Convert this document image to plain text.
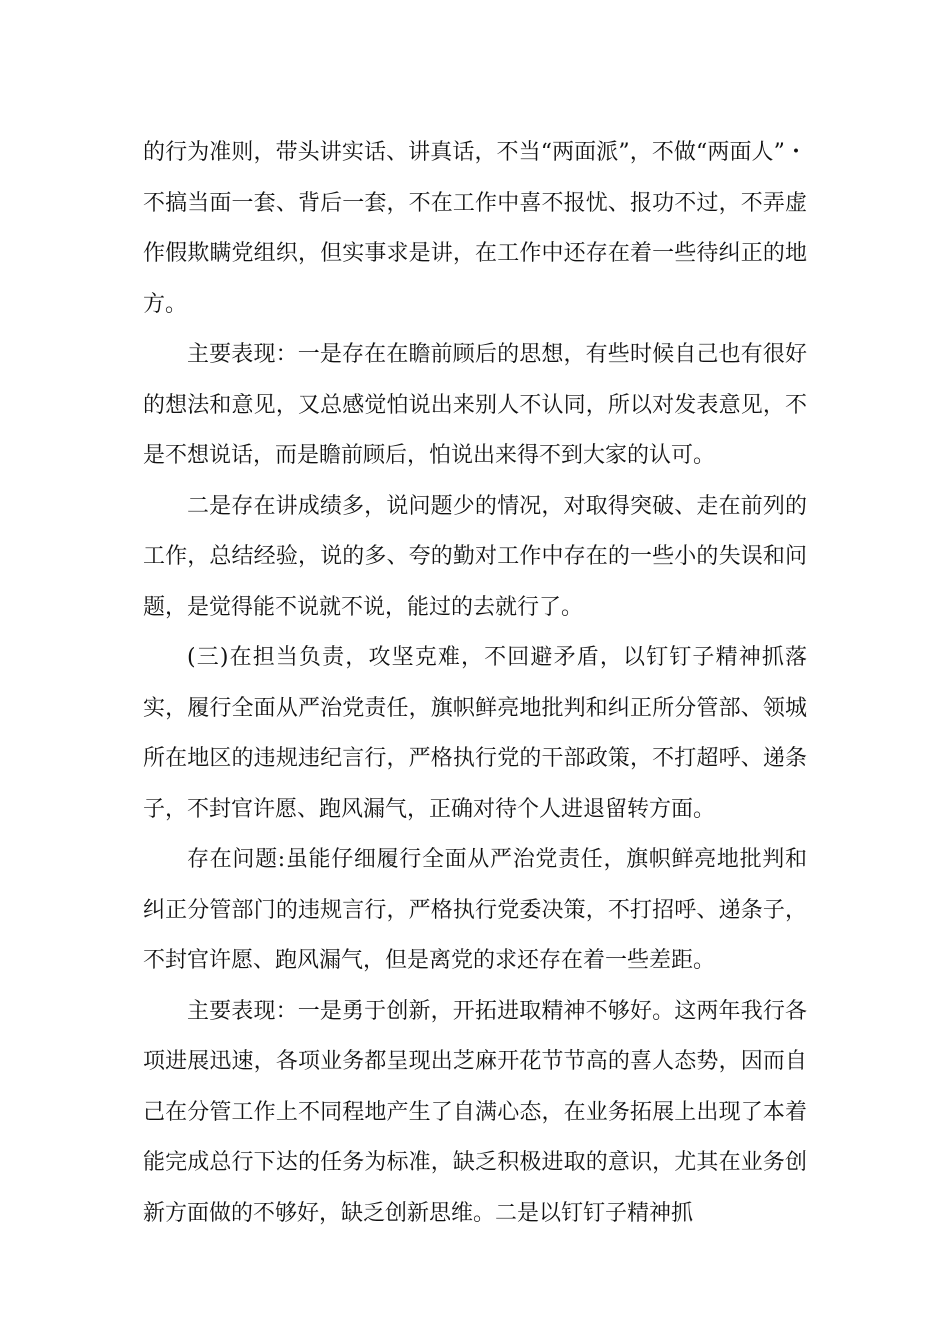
的行为准则，带头讲实话、讲真话，不当“两面派”，不做“两面人”・不搞当面一套、背后一套，不在工作中喜不报忧、报功不过，不弄虚作假欺瞒党组织，但实事求是讲，在工作中还存在着一些待纠正的地方。

主要表现：一是存在在瞻前顾后的思想，有些时候自己也有很好的想法和意见，又总感觉怕说出来别人不认同，所以对发表意见，不是不想说话，而是瞻前顾后，怕说出来得不到大家的认可。

二是存在讲成绩多，说问题少的情况，对取得突破、走在前列的工作，总结经验，说的多、夸的勤对工作中存在的一些小的失误和问题，是觉得能不说就不说，能过的去就行了。

(三)在担当负责，攻坚克难，不回避矛盾，以钉钉子精神抓落实，履行全面从严治党责任，旗帜鲜亮地批判和纠正所分管部、领城所在地区的违规违纪言行，严格执行党的干部政策，不打超呼、递条子，不封官许愿、跑风漏气，正确对待个人进退留转方面。

存在问题:虽能仔细履行全面从严治党责任，旗帜鲜亮地批判和纠正分管部门的违规言行，严格执行党委决策，不打招呼、递条子，不封官许愿、跑风漏气，但是离党的求还存在着一些差距。

主要表现：一是勇于创新，开拓进取精神不够好。这两年我行各项进展迅速，各项业务都呈现出芝麻开花节节高的喜人态势，因而自己在分管工作上不同程地产生了自满心态，在业务拓展上出现了本着能完成总行下达的任务为标准，缺乏积极进取的意识，尤其在业务创新方面做的不够好，缺乏创新思维。二是以钉钉子精神抓
